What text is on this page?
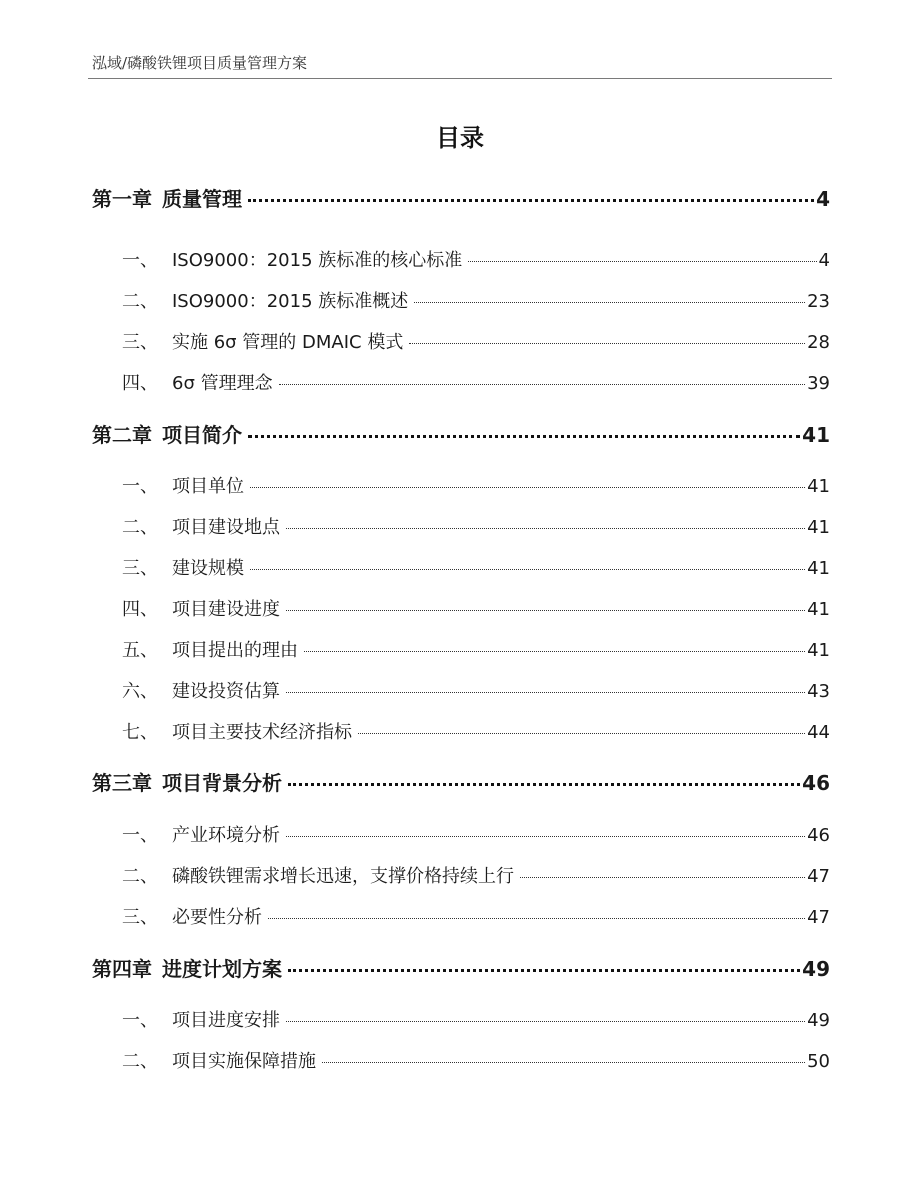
泓域/磷酸铁锂项目质量管理方案
目录
第一章 质量管理	4
一、 ISO9000：2015 族标准的核心标准	4
二、 ISO9000：2015 族标准概述	23
三、 实施 6σ 管理的 DMAIC 模式	28
四、 6σ 管理理念	39
第二章 项目简介	41
一、 项目单位	41
二、 项目建设地点	41
三、 建设规模	41
四、 项目建设进度	41
五、 项目提出的理由	41
六、 建设投资估算	43
七、 项目主要技术经济指标	44
第三章 项目背景分析	46
一、 产业环境分析	46
二、 磷酸铁锂需求增长迅速，支撑价格持续上行	47
三、 必要性分析	47
第四章 进度计划方案	49
一、 项目进度安排	49
二、 项目实施保障措施	50
